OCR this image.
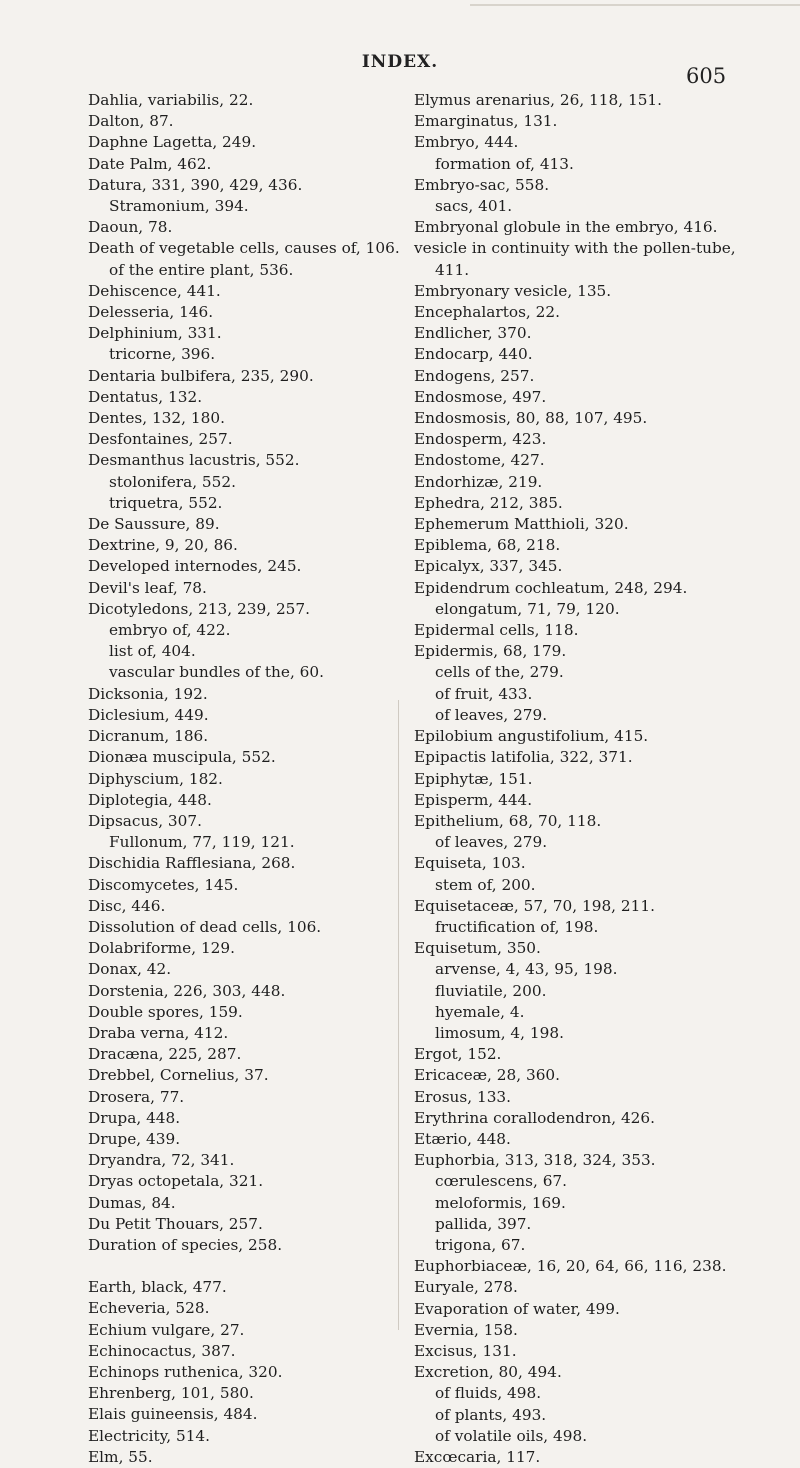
INDEX.
605
Dahlia, variabilis, 22.
Dalton, 87.
Daphne Lagetta, 249.
Date Palm, 462.
Datura, 331, 390, 429, 436.
Stramonium, 394.
Daoun, 78.
Death of vegetable cells, causes of, 106.
of the entire plant, 536.
Dehiscence, 441.
Delesseria, 146.
Delphinium, 331.
tricorne, 396.
Dentaria bulbifera, 235, 290.
Dentatus, 132.
Dentes, 132, 180.
Desfontaines, 257.
Desmanthus lacustris, 552.
stolonifera, 552.
triquetra, 552.
De Saussure, 89.
Dextrine, 9, 20, 86.
Developed internodes, 245.
Devil's leaf, 78.
Dicotyledons, 213, 239, 257.
embryo of, 422.
list of, 404.
vascular bundles of the, 60.
Dicksonia, 192.
Diclesium, 449.
Dicranum, 186.
Dionæa muscipula, 552.
Diphyscium, 182.
Diplotegia, 448.
Dipsacus, 307.
Fullonum, 77, 119, 121.
Dischidia Rafflesiana, 268.
Discomycetes, 145.
Disc, 446.
Dissolution of dead cells, 106.
Dolabriforme, 129.
Donax, 42.
Dorstenia, 226, 303, 448.
Double spores, 159.
Draba verna, 412.
Dracæna, 225, 287.
Drebbel, Cornelius, 37.
Drosera, 77.
Drupa, 448.
Drupe, 439.
Dryandra, 72, 341.
Dryas octopetala, 321.
Dumas, 84.
Du Petit Thouars, 257.
Duration of species, 258.
Earth, black, 477.
Echeveria, 528.
Echium vulgare, 27.
Echinocactus, 387.
Echinops ruthenica, 320.
Ehrenberg, 101, 580.
Elais guineensis, 484.
Electricity, 514.
Elm, 55.
Elymus arenarius, 26, 118, 151.
Emarginatus, 131.
Embryo, 444.
formation of, 413.
Embryo-sac, 558.
sacs, 401.
Embryonal globule in the embryo, 416.
vesicle in continuity with the pollen-tube, 411.
Embryonary vesicle, 135.
Encephalartos, 22.
Endlicher, 370.
Endocarp, 440.
Endogens, 257.
Endosmose, 497.
Endosmosis, 80, 88, 107, 495.
Endosperm, 423.
Endostome, 427.
Endorhizæ, 219.
Ephedra, 212, 385.
Ephemerum Matthioli, 320.
Epiblema, 68, 218.
Epicalyx, 337, 345.
Epidendrum cochleatum, 248, 294.
elongatum, 71, 79, 120.
Epidermal cells, 118.
Epidermis, 68, 179.
cells of the, 279.
of fruit, 433.
of leaves, 279.
Epilobium angustifolium, 415.
Epipactis latifolia, 322, 371.
Epiphytæ, 151.
Episperm, 444.
Epithelium, 68, 70, 118.
of leaves, 279.
Equiseta, 103.
stem of, 200.
Equisetaceæ, 57, 70, 198, 211.
fructification of, 198.
Equisetum, 350.
arvense, 4, 43, 95, 198.
fluviatile, 200.
hyemale, 4.
limosum, 4, 198.
Ergot, 152.
Ericaceæ, 28, 360.
Erosus, 133.
Erythrina corallodendron, 426.
Etærio, 448.
Euphorbia, 313, 318, 324, 353.
cœrulescens, 67.
meloformis, 169.
pallida, 397.
trigona, 67.
Euphorbiaceæ, 16, 20, 64, 66, 116, 238.
Euryale, 278.
Evaporation of water, 499.
Evernia, 158.
Excisus, 131.
Excretion, 80, 494.
of fluids, 498.
of plants, 493.
of volatile oils, 498.
Excœcaria, 117.
